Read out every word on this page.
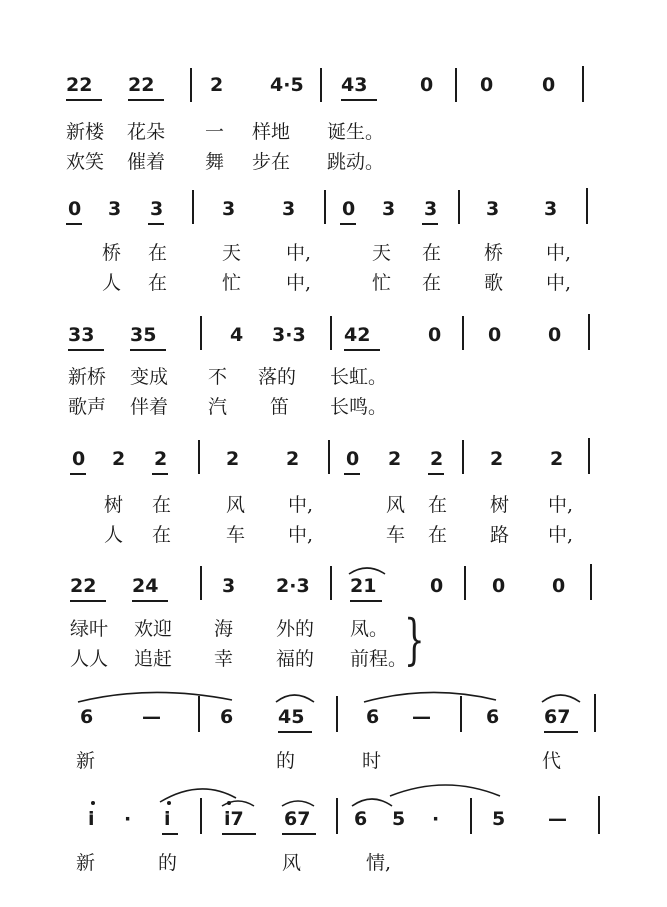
22 22	2 4·5 43	0 0	0
新楼 花朵 一 样地 诞生。
欢笑 催着 舞 步在 跳动。
0 3 3	3 3 0 3 3	3 3
桥 在	天 中,	天 在 桥 中,
人 在	忙 中,	忙 在 歌 中,
33 35	4 3·3 42	0 0 0
新桥 变成 不 落的 长虹。
歌声 伴着 汽 笛 长鸣。
0 2 2	2 2 0 2 2 2 2
树 在	风 中,	风 在 树 中,
人 在	车 中,	车 在 路 中,
22 24	3 2·3 21	0	0 0
绿叶 欢迎 海 外的 凤。
人人 追赶 幸 福的 前程。
}
6	—	6 45	6 —	6 67
新	的	时	代
i · i	i7 67 6 5 ·	5 —
新	的	风	情,
